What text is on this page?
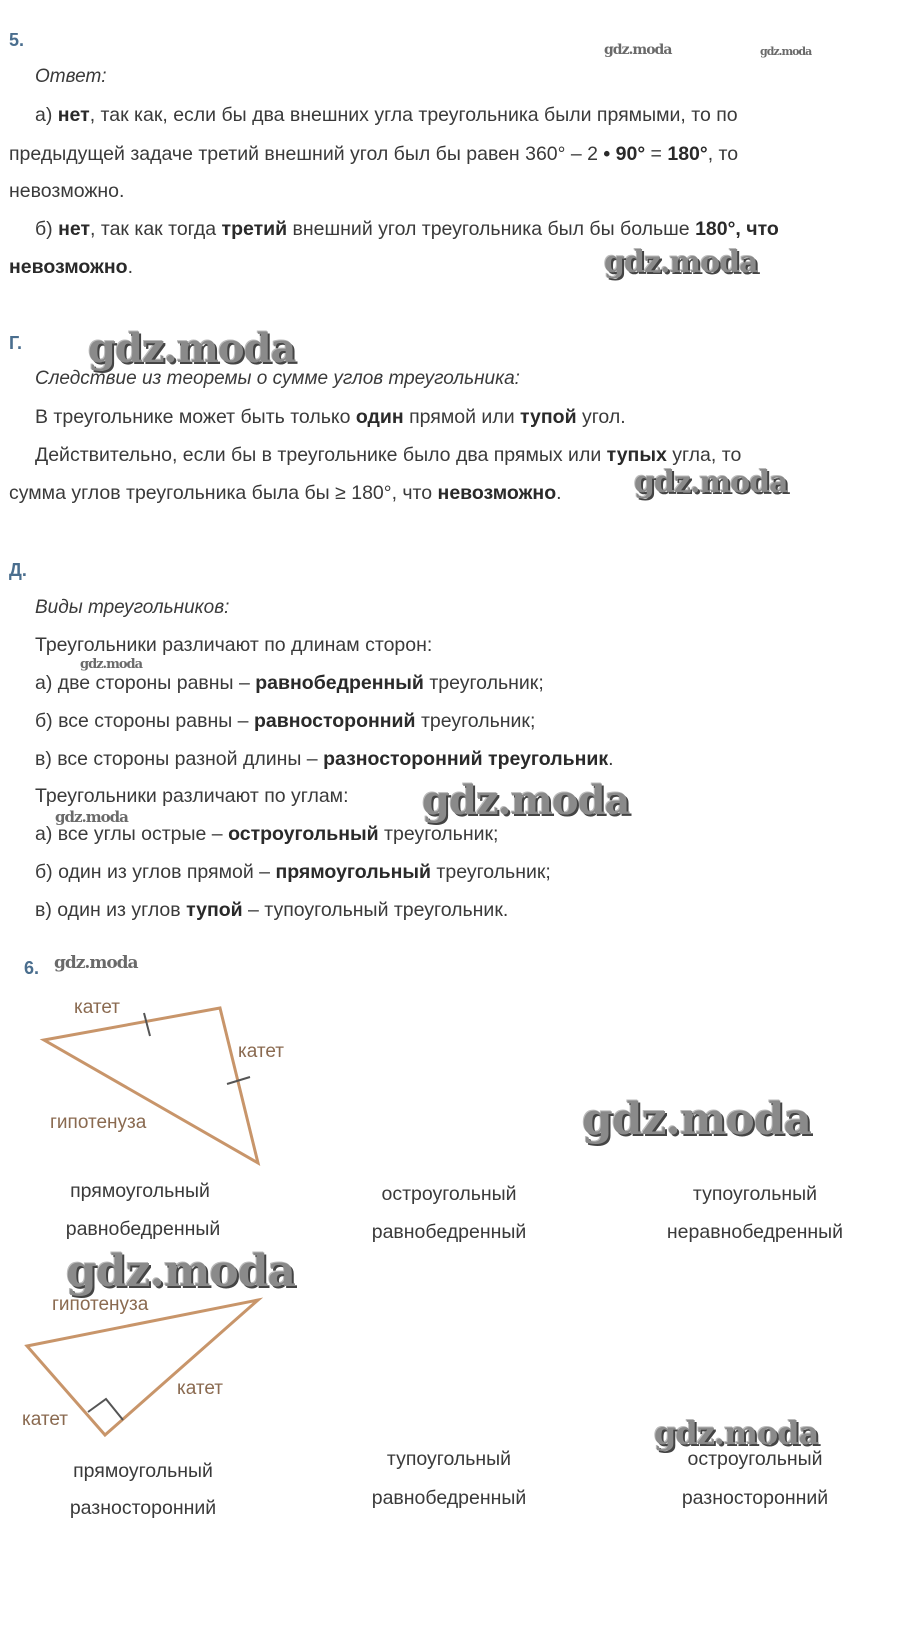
5.
Ответ:
а) нет, так как, если бы два внешних угла треугольника были прямыми, то по
предыдущей задаче третий внешний угол был бы равен 360° – 2 • 90° = 180°, то
невозможно.
б) нет, так как тогда третий внешний угол треугольника был бы больше 180°, что
невозможно.
Г.
Следствие из теоремы о сумме углов треугольника:
В треугольнике может быть только один прямой или тупой угол.
Действительно, если бы в треугольнике было два прямых или тупых угла, то
сумма углов треугольника была бы ≥ 180°, что невозможно.
Д.
Виды треугольников:
Треугольники различают по длинам сторон:
а) две стороны равны – равнобедренный треугольник;
б) все стороны равны – равносторонний треугольник;
в) все стороны разной длины – разносторонний треугольник.
Треугольники различают по углам:
а) все углы острые – остроугольный треугольник;
б) один из углов прямой – прямоугольный треугольник;
в) один из углов тупой – тупоугольный треугольник.
6.
катет
катет
гипотенуза
гипотенуза
катет
катет
прямоугольный
равнобедренный
остроугольный
равнобедренный
тупоугольный
неравнобедренный
прямоугольный
разносторонний
тупоугольный
равнобедренный
остроугольный
разносторонний
gdz.moda	gdz.moda
gdz.moda
gdz.moda
gdz.moda
gdz.moda
gdz.moda
gdz.moda
gdz.moda
gdz.moda
gdz.moda
gdz.moda
